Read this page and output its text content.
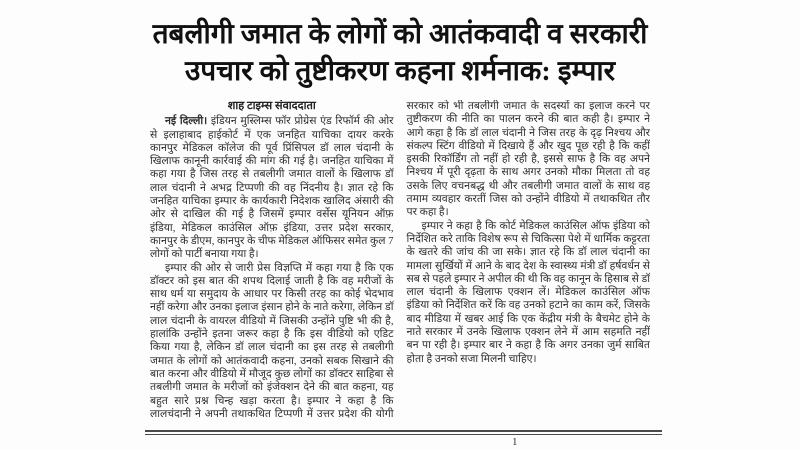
तबलीगी जमात के लोगों को आतंकवादी व सरकारी
उपचार को तुष्टीकरण कहना शर्मनाक: इम्पार
शाह टाइम्स संवाददाता

नई दिल्ली। इंडियन मुस्लिम्स फॉर प्रोग्रेस एंड रिफॉर्म की ओर से इलाहाबाद हाईकोर्ट में एक जनहित याचिका दायर करके कानपुर मेडिकल कॉलेज की पूर्व प्रिंसिपल डॉ लाल चंदानी के खिलाफ कानूनी कार्रवाई की मांग की गई है। जनहित याचिका में कहा गया है जिस तरह से तबलीगी जमात वालों के खिलाफ डॉ लाल चंदानी ने अभद्र टिप्पणी की वह निंदनीय है। ज्ञात रहे कि जनहित याचिका इम्पार के कार्यकारी निदेशक खालिद अंसारी की ओर से दाखिल की गई है जिसमें इम्पार वर्सेस यूनियन ऑफ़ इंडिया, मेडिकल काउंसिल ऑफ़ इंडिया, उत्तर प्रदेश सरकार, कानपुर के डीएम, कानपुर के चीफ मेडिकल ऑफिसर समेत कुल 7 लोगों को पार्टी बनाया गया है।

इम्पार की ओर से जारी प्रेस विज्ञप्ति में कहा गया है कि एक डॉक्टर को इस बात की शपथ दिलाई जाती है कि वह मरीजों के साथ धर्म या समुदाय के आधार पर किसी तरह का कोई भेदभाव नहीं करेगा और उनका इलाज इंसान होने के नाते करेगा, लेकिन डॉ लाल चंदानी के वायरल वीडियो में जिसकी उन्होंने पुष्टि भी की है, हालांकि उन्होंने इतना जरूर कहा है कि इस वीडियो को एडिट किया गया है, लेकिन डॉ लाल चंदानी का इस तरह से तबलीगी जमात के लोगों को आतंकवादी कहना, उनको सबक सिखाने की बात करना और वीडियो में मौजूद कुछ लोगों का डॉक्टर साहिबा से तबलीगी जमात के मरीजों को इंजेक्शन देने की बात कहना, यह बहुत सारे प्रश्न चिन्ह खड़ा करता है। इम्पार ने कहा है कि लालचंदानी ने अपनी तथाकथित टिप्पणी में उत्तर प्रदेश की योगी सरकार को भी तबलीगी जमात के सदस्यों का इलाज करने पर तुष्टीकरण की नीति का पालन करने की बात कही है। इम्पार ने आगे कहा है कि डॉ लाल चंदानी ने जिस तरह के दृढ़ निश्चय और संकल्प स्टिंग वीडियो में दिखाये हैं और खुद पूछ रही है कि कहीं इसकी रिकॉर्डिंग तो नहीं हो रही है, इससे साफ है कि वह अपने निश्चय में पूरी दृढ़ता के साथ अगर उनको मौका मिलता तो वह उसके लिए वचनबद्ध थी और तबलीगी जमात वालों के साथ वह तमाम व्यवहार करतीं जिस को उन्होंने वीडियो में तथाकथित तौर पर कहा है।

इम्पार ने कहा है कि कोर्ट मेडिकल काउंसिल ऑफ इंडिया को निर्देशित करे ताकि विशेष रूप से चिकित्सा पेशे में धार्मिक कट्टरता के खतरे की जांच की जा सके। ज्ञात रहे कि डॉ लाल चंदानी का मामला सुर्खियों में आने के बाद देश के स्वास्थ्य मंत्री डॉ हर्षवर्धन से सब से पहले इम्पार ने अपील की थी कि वह कानून के हिसाब से डॉ लाल चंदानी के खिलाफ एक्शन लें। मेडिकल काउंसिल ऑफ इंडिया को निर्देशित करें कि वह उनको हटाने का काम करें, जिसके बाद मीडिया में खबर आई कि एक केंद्रीय मंत्री के बैचमेट होने के नाते सरकार में उनके खिलाफ एक्शन लेने में आम सहमति नहीं बन पा रही है। इम्पार बार ने कहा है कि अगर उनका जुर्म साबित होता है उनको सजा मिलनी चाहिए।

1
